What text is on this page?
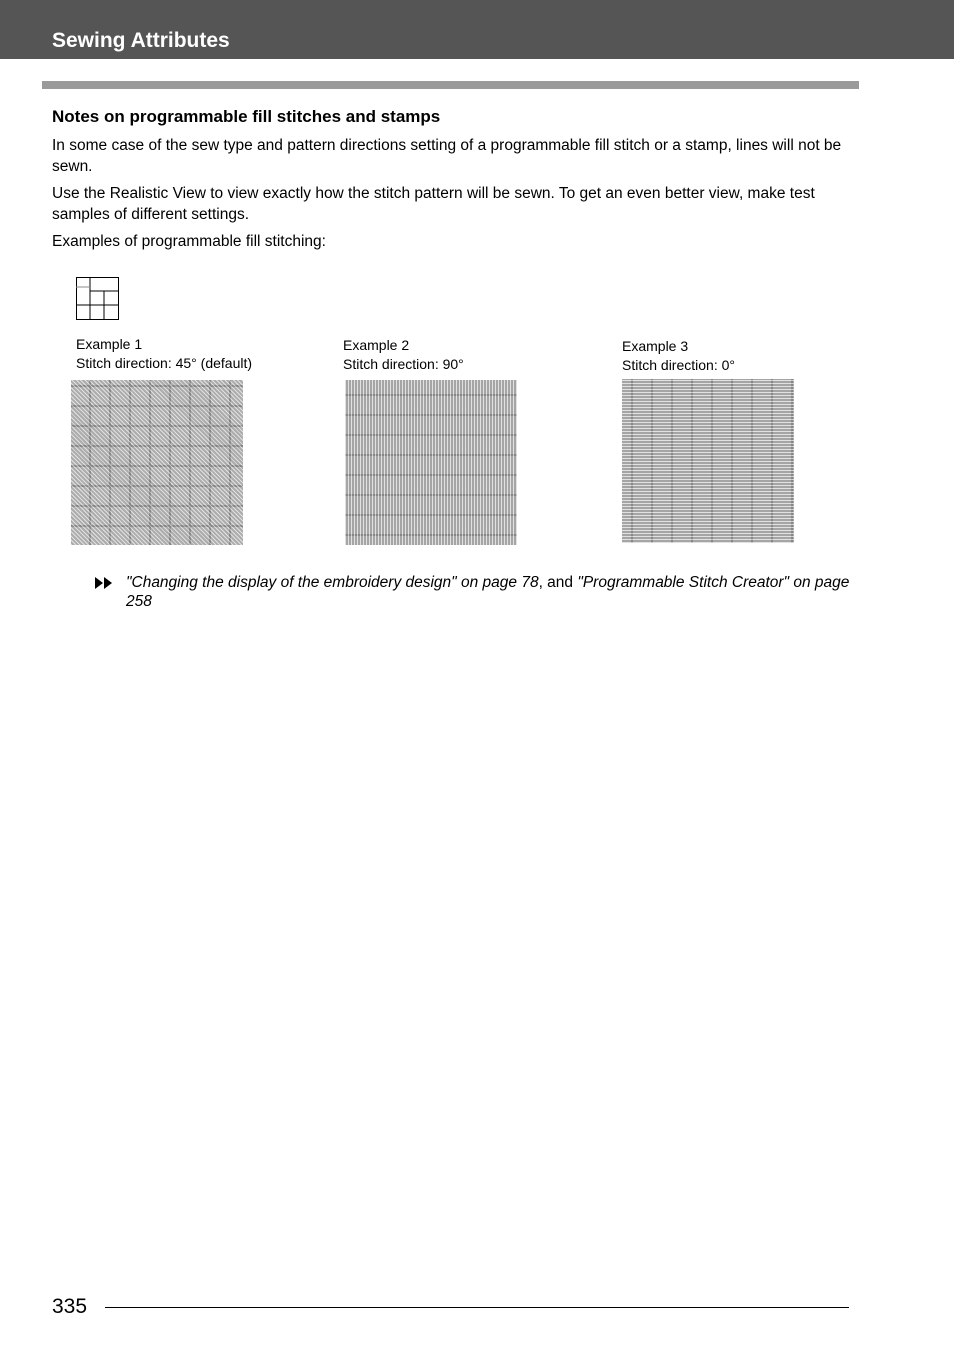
Sewing Attributes
Notes on programmable fill stitches and stamps
In some case of the sew type and pattern directions setting of a programmable fill stitch or a stamp, lines will not be sewn.
Use the Realistic View to view exactly how the stitch pattern will be sewn. To get an even better view, make test samples of different settings.
Examples of programmable fill stitching:
Example 1
Stitch direction: 45° (default)
Example 2
Stitch direction: 90°
Example 3
Stitch direction: 0°
"Changing the display of the embroidery design" on page 78, and "Programmable Stitch Creator" on page 258
335
